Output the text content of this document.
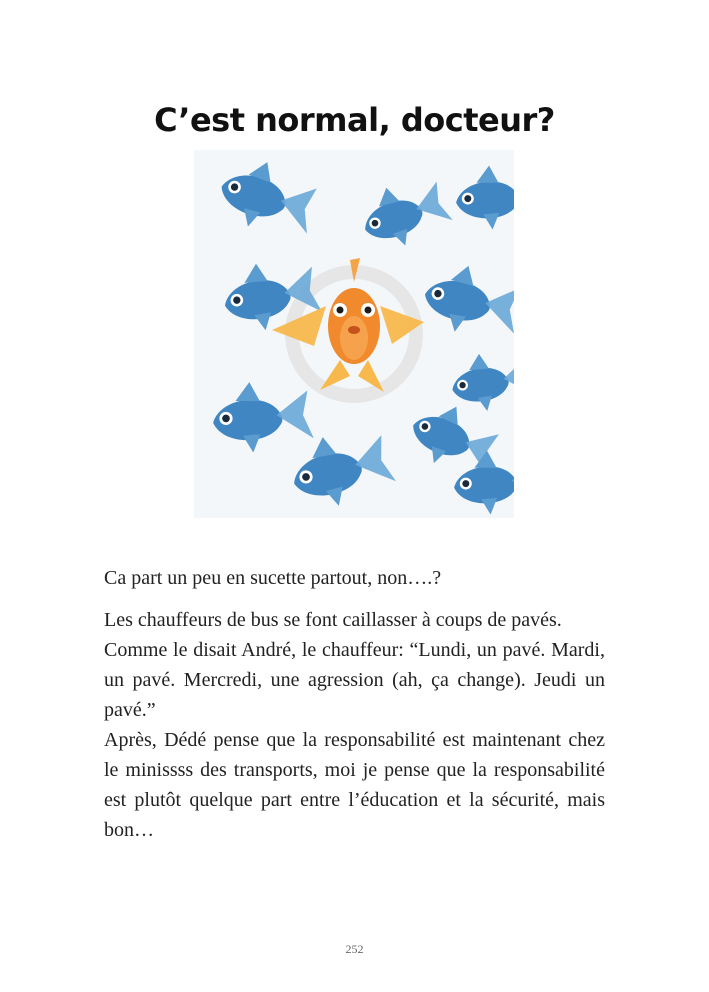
C’est normal, docteur?

Ca part un peu en sucette partout, non….?

Les chauffeurs de bus se font caillasser à coups de pavés.

Comme le disait André, le chauffeur: “Lundi, un pavé. Mardi, un pavé. Mercredi, une agression (ah, ça change). Jeudi un pavé.”

Après, Dédé pense que la responsabilité est maintenant chez le minissss des transports, moi je pense que la responsabilité est plutôt quelque part entre l’éducation et la sécurité, mais bon…

252
